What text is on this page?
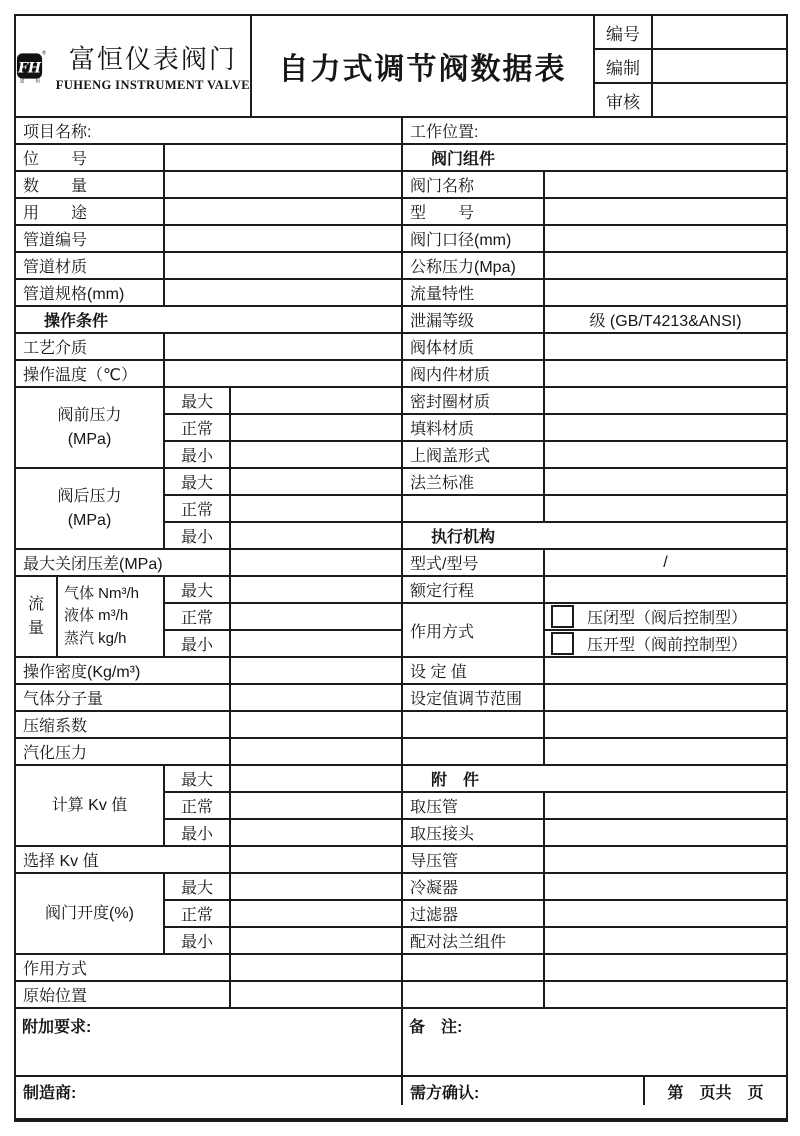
FH
®
富 恒
富恒仪表阀门
FUHENG INSTRUMENT VALVE 自力式调节阀数据表
编号
编制
审核
项目名称:				工作位置:		
位　　号				阀门组件		
数　　量				阀门名称		
用　　途				型　　号		
管道编号				阀门口径(mm)		
管道材质				公称压力(Mpa)		
管道规格(mm)				流量特性		
操作条件				泄漏等级	级 (GB/T4213&ANSI)	
工艺介质				阀体材质		
操作温度（℃）				阀内件材质		

阀前压力
(MPa)		最大		密封圈材质		
		正常		填料材质		
		最小		上阀盖形式		

阀后压力
(MPa)		最大		法兰标准		
		正常				
		最小		执行机构		
最大关闭压差(MPa)				型式/型号	/	
流量	气体 Nm³/h
液体 m³/h
蒸汽 kg/h	最大		额定行程		
		正常		作用方式	压闭型（阀后控制型）	

		最小			压开型（阀前控制型）	

操作密度(Kg/m³)				设 定 值		
气体分子量				设定值调节范围		
压缩系数						
汽化压力						
计算 Kv 值		最大		附　件		
		正常		取压管		
		最小		取压接头		
选择 Kv 值				导压管		
阀门开度(%)		最大		冷凝器		
		正常		过滤器		
		最小		配对法兰组件		
作用方式						
原始位置						
附加要求:				备　注:		
制造商:				需方确认:		第　页共　页
